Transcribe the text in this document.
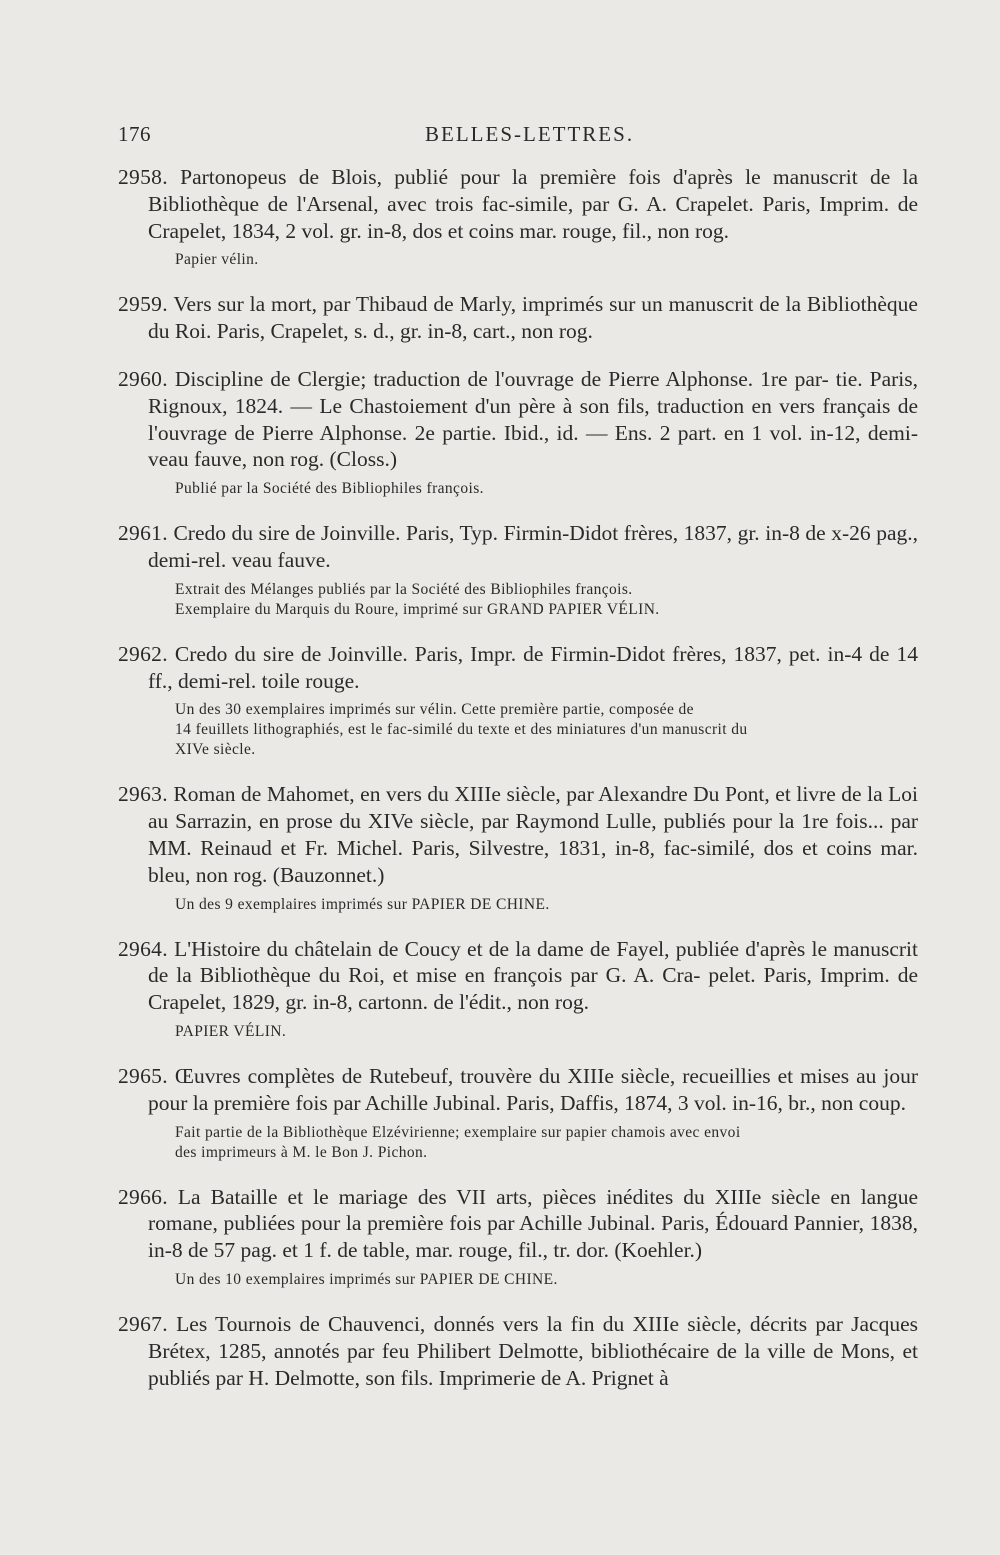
176	BELLES-LETTRES.
2958. Partonopeus de Blois, publié pour la première fois d'après le manuscrit de la Bibliothèque de l'Arsenal, avec trois fac-simile, par G. A. Crapelet. Paris, Imprim. de Crapelet, 1834, 2 vol. gr. in-8, dos et coins mar. rouge, fil., non rog.
Papier vélin.
2959. Vers sur la mort, par Thibaud de Marly, imprimés sur un manuscrit de la Bibliothèque du Roi. Paris, Crapelet, s. d., gr. in-8, cart., non rog.
2960. Discipline de Clergie; traduction de l'ouvrage de Pierre Alphonse. 1re par- tie. Paris, Rignoux, 1824. — Le Chastoiement d'un père à son fils, traduction en vers français de l'ouvrage de Pierre Alphonse. 2e partie. Ibid., id. — Ens. 2 part. en 1 vol. in-12, demi-veau fauve, non rog. (Closs.)
Publié par la Société des Bibliophiles françois.
2961. Credo du sire de Joinville. Paris, Typ. Firmin-Didot frères, 1837, gr. in-8 de x-26 pag., demi-rel. veau fauve.
Extrait des Mélanges publiés par la Société des Bibliophiles françois.
Exemplaire du Marquis du Roure, imprimé sur GRAND PAPIER VÉLIN.
2962. Credo du sire de Joinville. Paris, Impr. de Firmin-Didot frères, 1837, pet. in-4 de 14 ff., demi-rel. toile rouge.
Un des 30 exemplaires imprimés sur vélin. Cette première partie, composée de
14 feuillets lithographiés, est le fac-similé du texte et des miniatures d'un manuscrit du
XIVe siècle.
2963. Roman de Mahomet, en vers du XIIIe siècle, par Alexandre Du Pont, et livre de la Loi au Sarrazin, en prose du XIVe siècle, par Raymond Lulle, publiés pour la 1re fois... par MM. Reinaud et Fr. Michel. Paris, Silvestre, 1831, in-8, fac-similé, dos et coins mar. bleu, non rog. (Bauzonnet.)
Un des 9 exemplaires imprimés sur PAPIER DE CHINE.
2964. L'Histoire du châtelain de Coucy et de la dame de Fayel, publiée d'après le manuscrit de la Bibliothèque du Roi, et mise en françois par G. A. Cra- pelet. Paris, Imprim. de Crapelet, 1829, gr. in-8, cartonn. de l'édit., non rog.
PAPIER VÉLIN.
2965. Œuvres complètes de Rutebeuf, trouvère du XIIIe siècle, recueillies et mises au jour pour la première fois par Achille Jubinal. Paris, Daffis, 1874, 3 vol. in-16, br., non coup.
Fait partie de la Bibliothèque Elzévirienne; exemplaire sur papier chamois avec envoi
des imprimeurs à M. le Bon J. Pichon.
2966. La Bataille et le mariage des VII arts, pièces inédites du XIIIe siècle en langue romane, publiées pour la première fois par Achille Jubinal. Paris, Édouard Pannier, 1838, in-8 de 57 pag. et 1 f. de table, mar. rouge, fil., tr. dor. (Koehler.)
Un des 10 exemplaires imprimés sur PAPIER DE CHINE.
2967. Les Tournois de Chauvenci, donnés vers la fin du XIIIe siècle, décrits par Jacques Brétex, 1285, annotés par feu Philibert Delmotte, bibliothécaire de la ville de Mons, et publiés par H. Delmotte, son fils. Imprimerie de A. Prignet à
